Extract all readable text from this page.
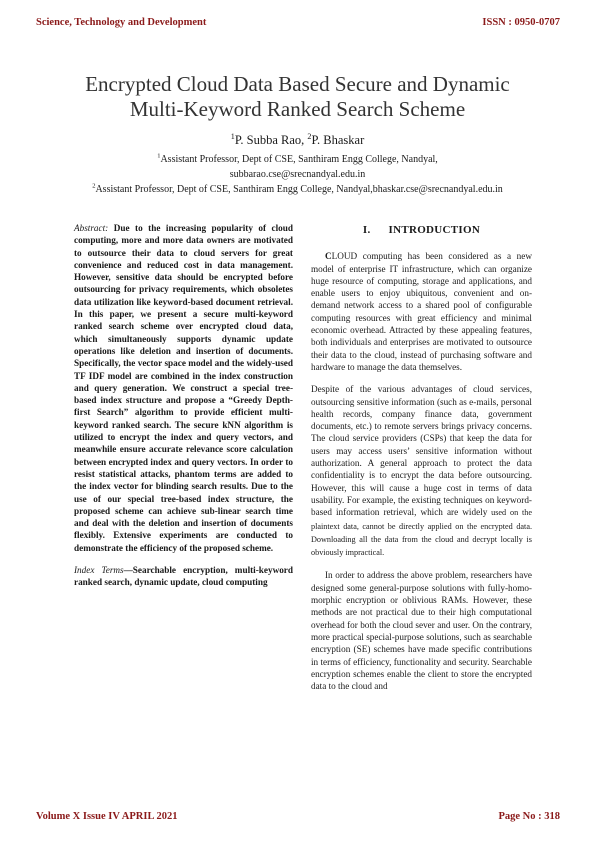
Science, Technology and Development	ISSN : 0950-0707
Encrypted Cloud Data Based Secure and Dynamic
Multi-Keyword Ranked Search Scheme
$^1$P. Subba Rao, $^2$P. Bhaskar
$^1$Assistant Professor, Dept of CSE, Santhiram Engg College, Nandyal,
subbarao.cse@srecnandyal.edu.in
$^2$Assistant Professor, Dept of CSE, Santhiram Engg College, Nandyal,bhaskar.cse@srecnandyal.edu.in

Abstract: Due to the increasing popularity of cloud computing, more and more data owners are motivated to outsource their data to cloud servers for great convenience and reduced cost in data management. However, sensitive data should be encrypted before outsourcing for privacy requirements, which obsoletes data utilization like keyword-based document retrieval. In this paper, we present a secure multi-keyword ranked search scheme over encrypted cloud data, which simultaneously supports dynamic update operations like deletion and insertion of documents. Specifically, the vector space model and the widely-used TF IDF model are combined in the index construction and query generation. We construct a special tree-based index structure and propose a “Greedy Depth-first Search” algorithm to provide efficient multi-keyword ranked search. The secure kNN algorithm is utilized to encrypt the index and query vectors, and meanwhile ensure accurate relevance score calculation between encrypted index and query vectors. In order to resist statistical attacks, phantom terms are added to the index vector for blinding search results. Due to the use of our special tree-based index structure, the proposed scheme can achieve sub-linear search time and deal with the deletion and insertion of documents flexibly. Extensive experiments are conducted to demonstrate the efficiency of the proposed scheme.

Index Terms—Searchable encryption, multi-keyword ranked search, dynamic update, cloud computing

I. INTRODUCTION

CLOUD computing has been considered as a new model of enterprise IT infrastructure, which can organize huge resource of computing, storage and applications, and enable users to enjoy ubiquitous, convenient and on-demand network access to a shared pool of configurable computing resources with great efficiency and minimal economic overhead. Attracted by these appealing features, both individuals and enterprises are motivated to outsource their data to the cloud, instead of purchasing software and hardware to manage the data themselves.

Despite of the various advantages of cloud services, outsourcing sensitive information (such as e-mails, personal health records, company finance data, government documents, etc.) to remote servers brings privacy concerns. The cloud service providers (CSPs) that keep the data for users may access users’ sensitive information without authorization. A general approach to protect the data confidentiality is to encrypt the data before outsourcing. However, this will cause a huge cost in terms of data usability. For example, the existing techniques on keyword-based information retrieval, which are widely used on the plaintext data, cannot be directly applied on the encrypted data. Downloading all the data from the cloud and decrypt locally is obviously impractical.

In order to address the above problem, researchers have designed some general-purpose solutions with fully-homo-morphic encryption or oblivious RAMs. However, these methods are not practical due to their high computational overhead for both the cloud sever and user. On the contrary, more practical special-purpose solutions, such as searchable encryption (SE) schemes have made specific contributions in terms of efficiency, functionality and security. Searchable encryption schemes enable the client to store the encrypted data to the cloud and

Volume X Issue IV APRIL 2021	Page No : 318
